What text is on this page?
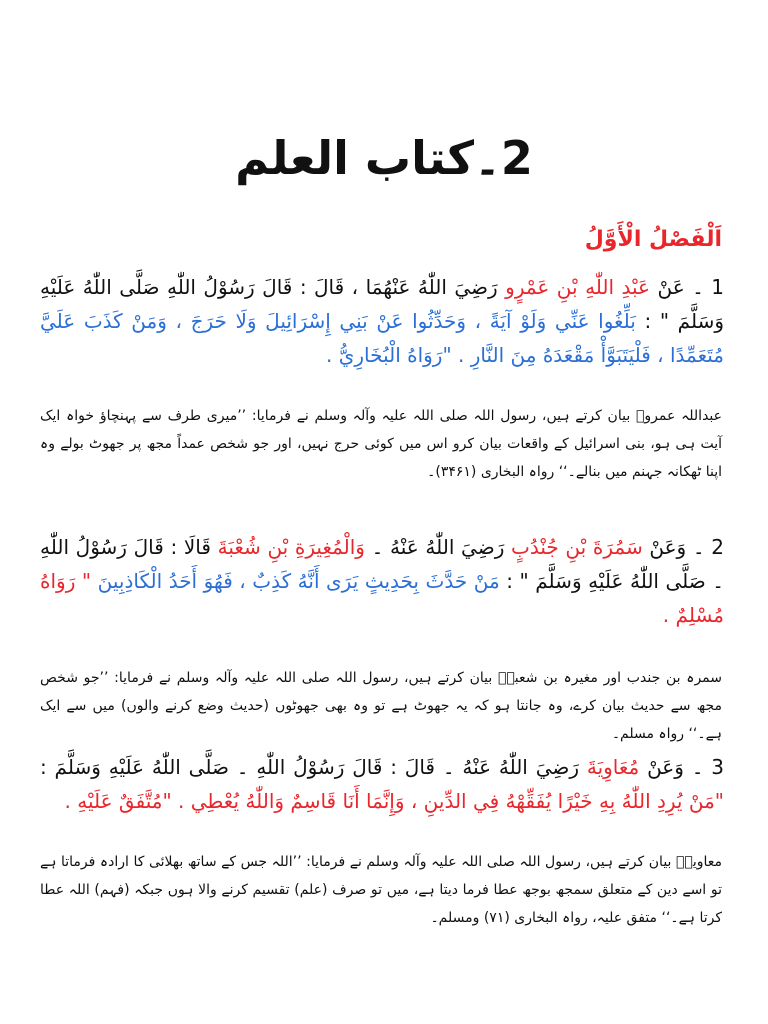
2۔کتاب العلم
اَلْفَصْلُ الْأَوَّلُ
1 ۔ عَنْ عَبْدِ اللّٰهِ بْنِ عَمْرٍو رَضِيَ اللّٰهُ عَنْهُمَا ، قَالَ : قَالَ رَسُوْلُ اللّٰهِ صَلَّى اللّٰهُ عَلَيْهِ وَسَلَّمَ " : بَلِّغُوا عَنِّي وَلَوْ آيَةً ، وَحَدِّثُوا عَنْ بَنِي إِسْرَائِيلَ وَلَا حَرَجَ ، وَمَنْ كَذَبَ عَلَيَّ مُتَعَمِّدًا ، فَلْيَتَبَوَّأْ مَقْعَدَهُ مِنَ النَّارِ . "رَوَاهُ الْبُخَارِيُّ .
عبداللہ عمروؓ بیان کرتے ہیں، رسول اللہ صلی اللہ علیہ وآلہ وسلم نے فرمایا: ’’میری طرف سے پہنچاؤ خواہ ایک آیت ہی ہو، بنی اسرائیل کے واقعات بیان کرو اس میں کوئی حرج نہیں، اور جو شخص عمداً مجھ پر جھوٹ بولے وہ اپنا ٹھکانہ جہنم میں بنالے۔‘‘ رواہ البخاری (۳۴۶۱)۔
2 ۔ وَعَنْ سَمُرَةَ بْنِ جُنْدُبٍ رَضِيَ اللّٰهُ عَنْهُ ۔ وَالْمُغِيرَةِ بْنِ شُعْبَةَ قَالَا : قَالَ رَسُوْلُ اللّٰهِ ۔ صَلَّى اللّٰهُ عَلَيْهِ وَسَلَّمَ " : مَنْ حَدَّثَ بِحَدِيثٍ يَرَى أَنَّهُ كَذِبٌ ، فَهُوَ أَحَدُ الْكَاذِبِينَ " رَوَاهُ مُسْلِمٌ .
سمرہ بن جندب اور مغیرہ بن شعبہؓ بیان کرتے ہیں، رسول اللہ صلی اللہ علیہ وآلہ وسلم نے فرمایا: ’’جو شخص مجھ سے حدیث بیان کرے، وہ جانتا ہو کہ یہ جھوٹ ہے تو وہ بھی جھوٹوں (حدیث وضع کرنے والوں) میں سے ایک ہے۔‘‘ رواہ مسلم۔
3 ۔ وَعَنْ مُعَاوِيَةَ رَضِيَ اللّٰهُ عَنْهُ ۔ قَالَ : قَالَ رَسُوْلُ اللّٰهِ ۔ صَلَّى اللّٰهُ عَلَيْهِ وَسَلَّمَ : "مَنْ يُرِدِ اللّٰهُ بِهِ خَيْرًا يُفَقِّهْهُ فِي الدِّينِ ، وَإِنَّمَا أَنَا قَاسِمٌ وَاللّٰهُ يُعْطِي . "مُتَّفَقٌ عَلَيْهِ .
معاویہؓ بیان کرتے ہیں، رسول اللہ صلی اللہ علیہ وآلہ وسلم نے فرمایا: ’’اللہ جس کے ساتھ بھلائی کا ارادہ فرماتا ہے تو اسے دین کے متعلق سمجھ بوجھ عطا فرما دیتا ہے، میں تو صرف (علم) تقسیم کرنے والا ہوں جبکہ (فہم) اللہ عطا کرتا ہے۔‘‘ متفق علیہ، رواہ البخاری (۷۱) ومسلم۔
